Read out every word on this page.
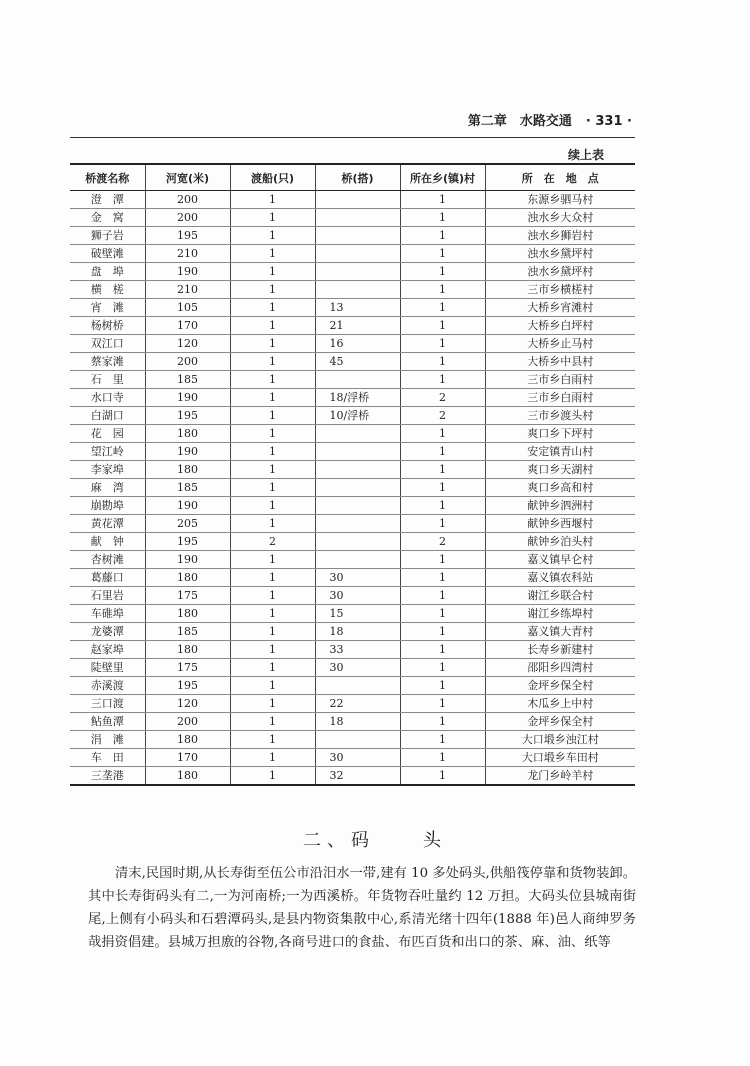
第二章　水路交通 · 331 ·
续上表
桥渡名称	河宽(米)	渡船(只)	桥(搭)	所在乡(镇)村	所　在　地　点
澄　潭	200	1		1	东源乡驷马村
金　窝	200	1		1	浊水乡大众村
狮子岩	195	1		1	浊水乡狮岩村
破壁滩	210	1		1	浊水乡黛坪村
盘　埠	190	1		1	浊水乡黛坪村
横　槎	210	1		1	三市乡横槎村
宵　滩	105	1	13	1	大桥乡宵滩村
杨树桥	170	1	21	1	大桥乡白坪村
双江口	120	1	16	1	大桥乡止马村
蔡家滩	200	1	45	1	大桥乡中县村
石　里	185	1		1	三市乡白雨村
水口寺	190	1	18/浮桥	2	三市乡白雨村
白湖口	195	1	10/浮桥	2	三市乡渡头村
花　园	180	1		1	爽口乡下坪村
望江岭	190	1		1	安定镇青山村
李家埠	180	1		1	爽口乡天湖村
麻　湾	185	1		1	爽口乡高和村
崩勘埠	190	1		1	献钟乡泗洲村
黄花潭	205	1		1	献钟乡西堰村
献　钟	195	2		2	献钟乡泊头村
杏树滩	190	1		1	嘉义镇早仑村
葛藤口	180	1	30	1	嘉义镇农科站
石里岩	175	1	30	1	谢江乡联合村
车碓埠	180	1	15	1	谢江乡练埠村
龙婆潭	185	1	18	1	嘉义镇大青村
赵家埠	180	1	33	1	长寿乡新建村
陡壁里	175	1	30	1	邵阳乡四湾村
赤溪渡	195	1		1	金坪乡保全村
三口渡	120	1	22	1	木瓜乡上中村
鲇鱼潭	200	1	18	1	金坪乡保全村
涓　滩	180	1		1	大口塅乡浊江村
车　田	170	1	30	1	大口塅乡车田村
三垄港	180	1	32	1	龙门乡岭羊村
二、码　　头

清末,民国时期,从长寿街至伍公市沿汨水一带,建有 10 多处码头,供船筏停靠和货物装卸。其中长寿街码头有二,一为河南桥;一为西溪桥。年货物吞吐量约 12 万担。大码头位县城南街尾,上侧有小码头和石碧潭码头,是县内物资集散中心,系清光绪十四年(1888 年)邑人商绅罗务哉捐资倡建。县城万担廒的谷物,各商号进口的食盐、布匹百货和出口的茶、麻、油、纸等
